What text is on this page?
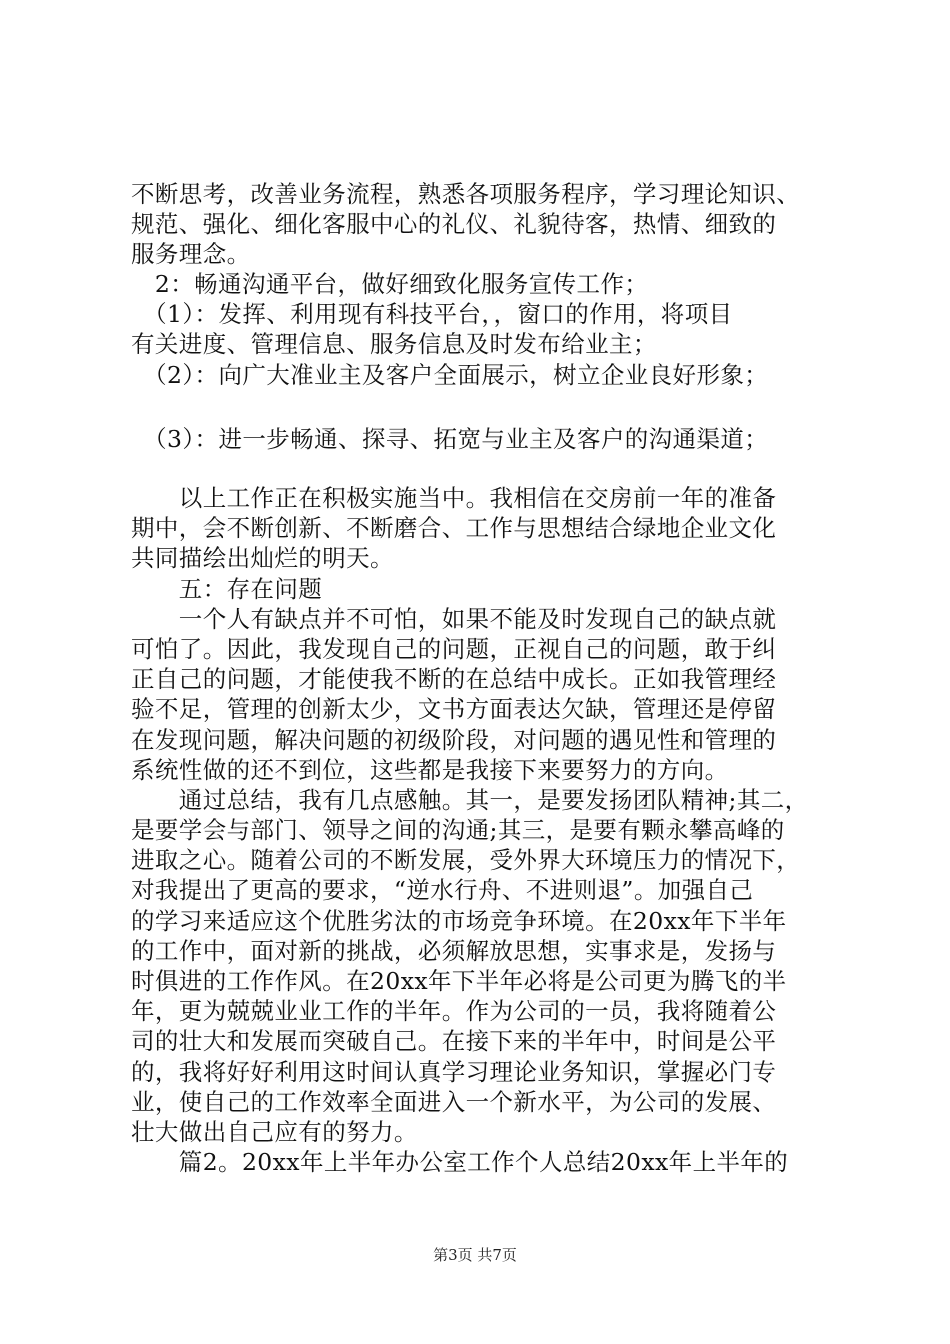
不断思考，改善业务流程，熟悉各项服务程序，学习理论知识、
规范、强化、细化客服中心的礼仪、礼貌待客，热情、细致的
服务理念。
　2：畅通沟通平台，做好细致化服务宣传工作；
　（1）：发挥、利用现有科技平台，，窗口的作用，将项目
有关进度、管理信息、服务信息及时发布给业主；
　（2）：向广大准业主及客户全面展示，树立企业良好形象；
　（3）：进一步畅通、探寻、拓宽与业主及客户的沟通渠道；
　　以上工作正在积极实施当中。我相信在交房前一年的准备
期中，会不断创新、不断磨合、工作与思想结合绿地企业文化
共同描绘出灿烂的明天。
　　五：存在问题
　　一个人有缺点并不可怕，如果不能及时发现自己的缺点就
可怕了。因此，我发现自己的问题，正视自己的问题，敢于纠
正自己的问题，才能使我不断的在总结中成长。正如我管理经
验不足，管理的创新太少，文书方面表达欠缺，管理还是停留
在发现问题，解决问题的初级阶段，对问题的遇见性和管理的
系统性做的还不到位，这些都是我接下来要努力的方向。
　　通过总结，我有几点感触。其一，是要发扬团队精神;其二，
是要学会与部门、领导之间的沟通;其三，是要有颗永攀高峰的
进取之心。随着公司的不断发展，受外界大环境压力的情况下，
对我提出了更高的要求，“逆水行舟、不进则退”。加强自己
的学习来适应这个优胜劣汰的市场竞争环境。在20xx年下半年
的工作中，面对新的挑战，必须解放思想，实事求是，发扬与
时俱进的工作作风。在20xx年下半年必将是公司更为腾飞的半
年，更为兢兢业业工作的半年。作为公司的一员，我将随着公
司的壮大和发展而突破自己。在接下来的半年中，时间是公平
的，我将好好利用这时间认真学习理论业务知识，掌握必门专
业，使自己的工作效率全面进入一个新水平，为公司的发展、
壮大做出自己应有的努力。
　　篇2。20xx年上半年办公室工作个人总结20xx年上半年的
第3页 共7页
